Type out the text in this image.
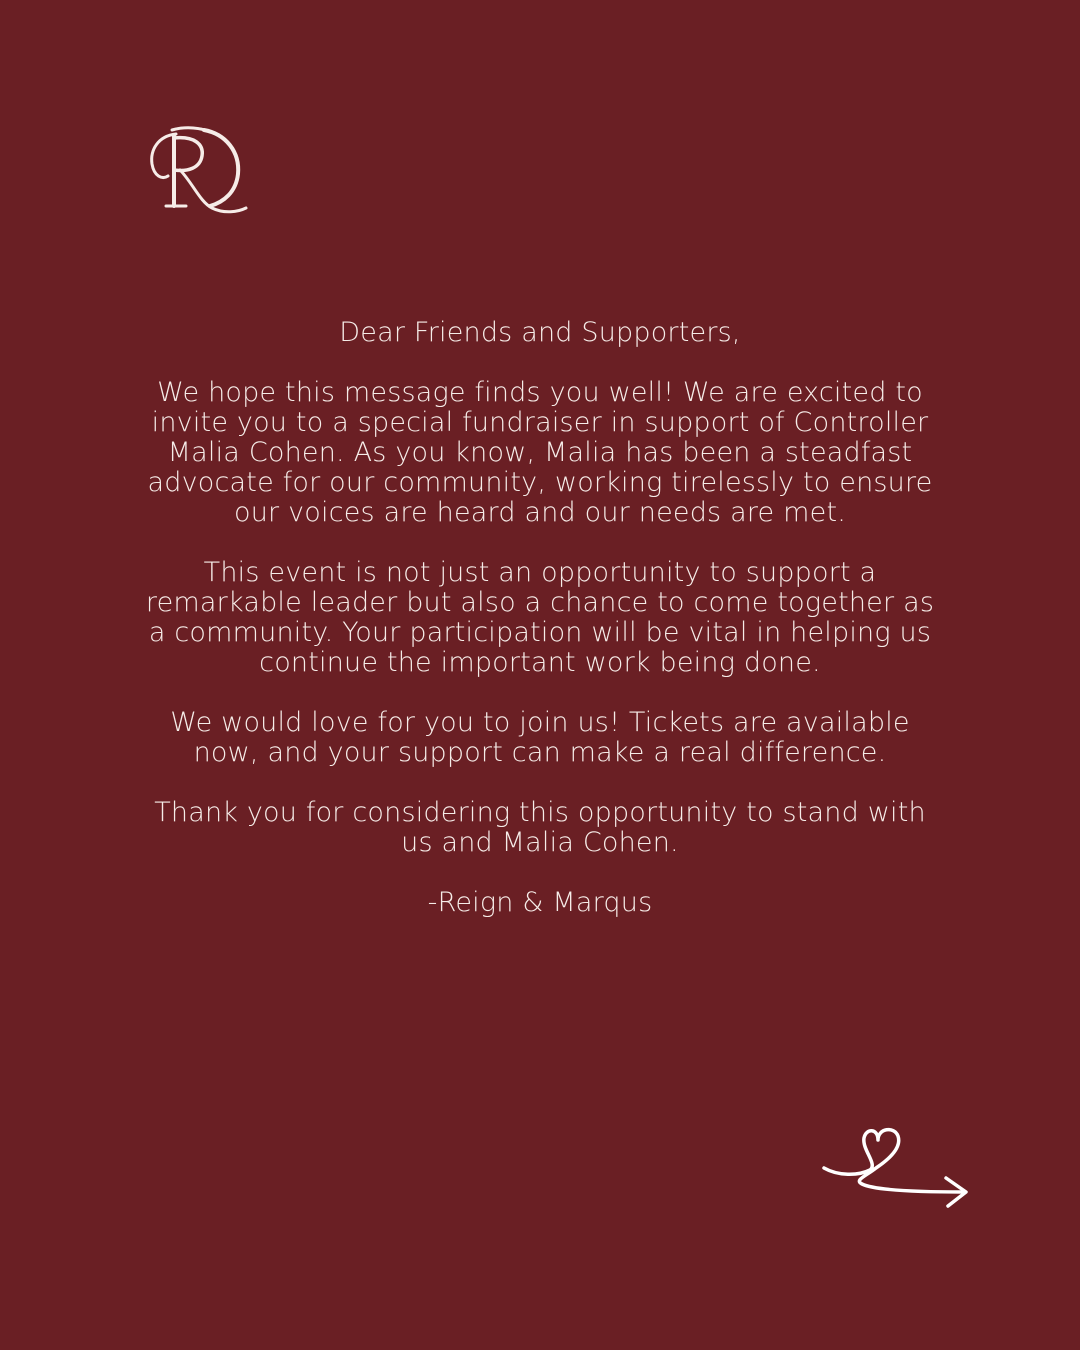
Dear Friends and Supporters,

We hope this message finds you well! We are excited to invite you to a special fundraiser in support of Controller Malia Cohen. As you know, Malia has been a steadfast advocate for our community, working tirelessly to ensure our voices are heard and our needs are met.

This event is not just an opportunity to support a remarkable leader but also a chance to come together as a community. Your participation will be vital in helping us continue the important work being done.

We would love for you to join us! Tickets are available now, and your support can make a real difference.

Thank you for considering this opportunity to stand with us and Malia Cohen.

-Reign & Marqus
